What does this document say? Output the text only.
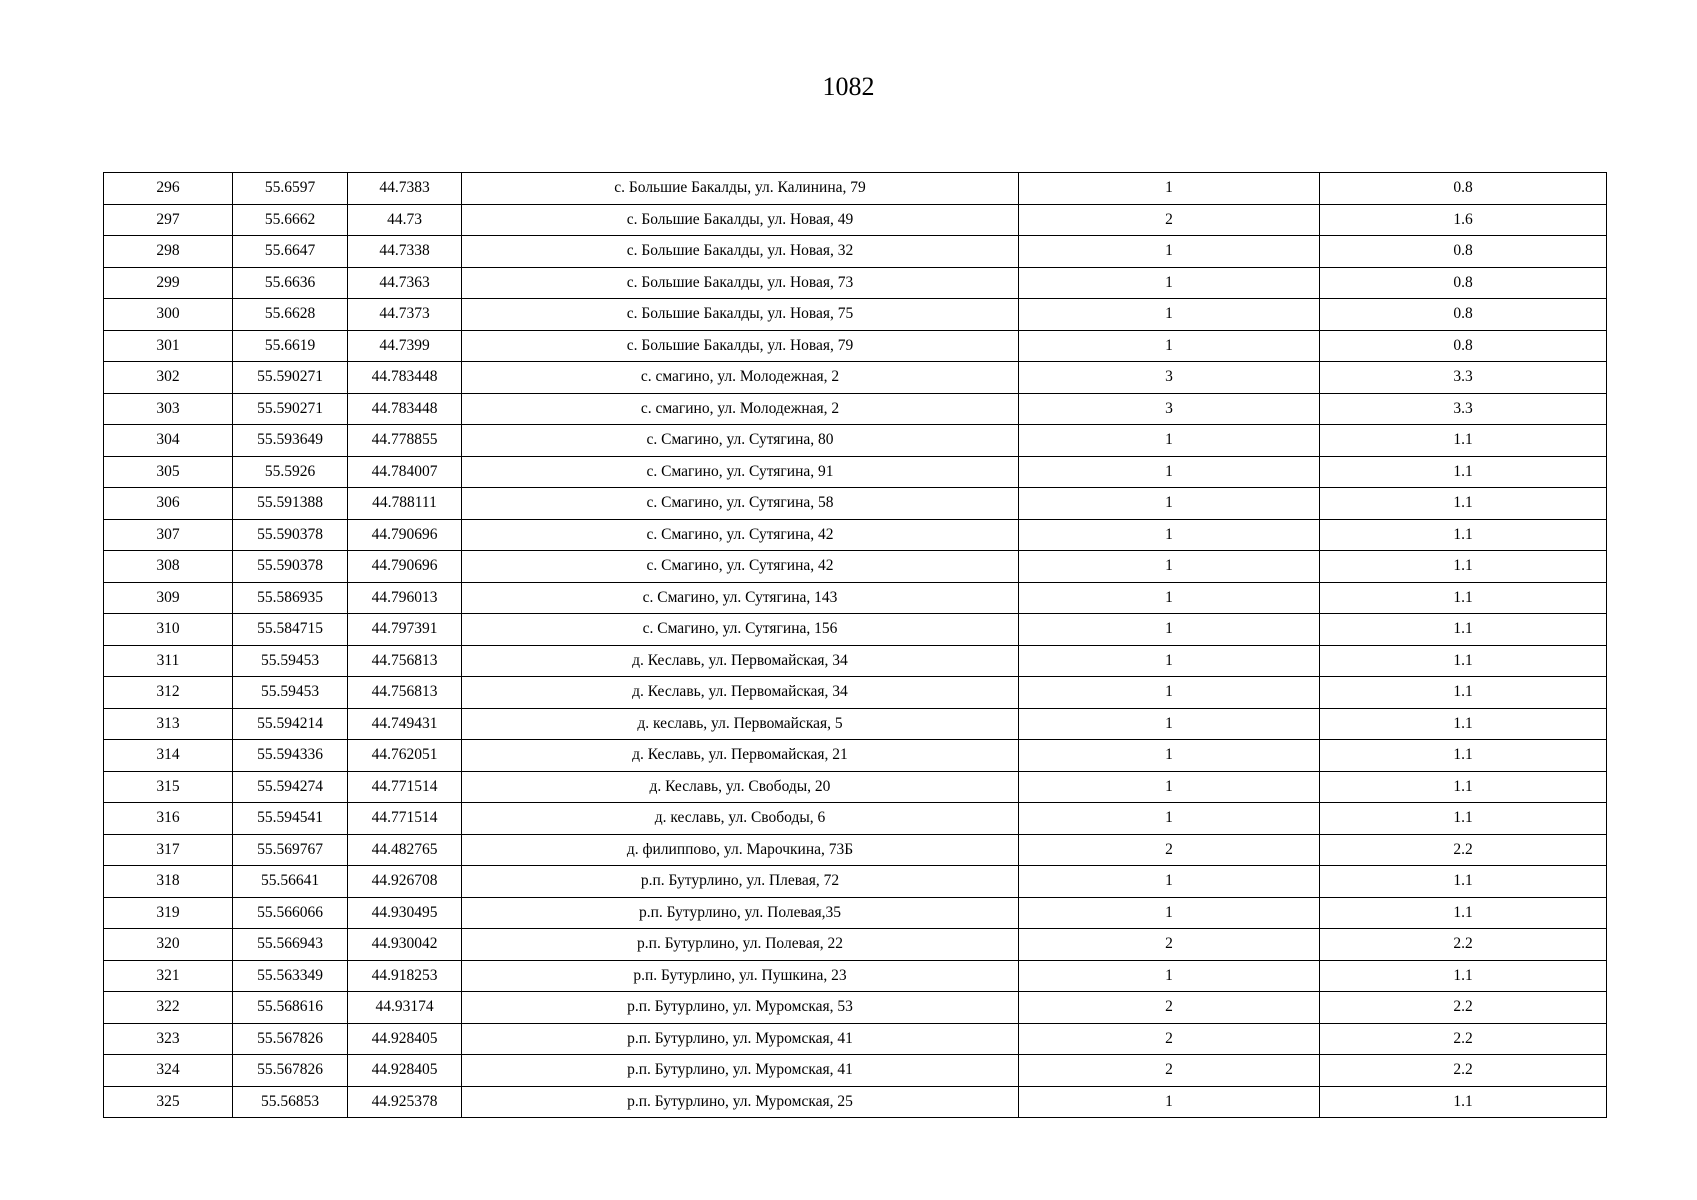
1082
296	55.6597	44.7383	с. Большие Бакалды, ул. Калинина, 79	1	0.8
297	55.6662	44.73	с. Большие Бакалды, ул. Новая, 49	2	1.6
298	55.6647	44.7338	с. Большие Бакалды, ул. Новая, 32	1	0.8
299	55.6636	44.7363	с. Большие Бакалды, ул. Новая, 73	1	0.8
300	55.6628	44.7373	с. Большие Бакалды, ул. Новая, 75	1	0.8
301	55.6619	44.7399	с. Большие Бакалды, ул. Новая, 79	1	0.8
302	55.590271	44.783448	с. смагино, ул. Молодежная, 2	3	3.3
303	55.590271	44.783448	с. смагино, ул. Молодежная, 2	3	3.3
304	55.593649	44.778855	с. Смагино, ул. Сутягина, 80	1	1.1
305	55.5926	44.784007	с. Смагино, ул. Сутягина, 91	1	1.1
306	55.591388	44.788111	с. Смагино, ул. Сутягина, 58	1	1.1
307	55.590378	44.790696	с. Смагино, ул. Сутягина, 42	1	1.1
308	55.590378	44.790696	с. Смагино, ул. Сутягина, 42	1	1.1
309	55.586935	44.796013	с. Смагино, ул. Сутягина, 143	1	1.1
310	55.584715	44.797391	с. Смагино, ул. Сутягина, 156	1	1.1
311	55.59453	44.756813	д. Кеславь, ул. Первомайская, 34	1	1.1
312	55.59453	44.756813	д. Кеславь, ул. Первомайская, 34	1	1.1
313	55.594214	44.749431	д. кеславь, ул. Первомайская, 5	1	1.1
314	55.594336	44.762051	д. Кеславь, ул. Первомайская, 21	1	1.1
315	55.594274	44.771514	д. Кеславь, ул. Свободы, 20	1	1.1
316	55.594541	44.771514	д. кеславь, ул. Свободы, 6	1	1.1
317	55.569767	44.482765	д. филиппово, ул. Марочкина, 73Б	2	2.2
318	55.56641	44.926708	р.п. Бутурлино, ул. Плевая, 72	1	1.1
319	55.566066	44.930495	р.п. Бутурлино, ул. Полевая,35	1	1.1
320	55.566943	44.930042	р.п. Бутурлино, ул. Полевая, 22	2	2.2
321	55.563349	44.918253	р.п. Бутурлино, ул. Пушкина, 23	1	1.1
322	55.568616	44.93174	р.п. Бутурлино, ул. Муромская, 53	2	2.2
323	55.567826	44.928405	р.п. Бутурлино, ул. Муромская, 41	2	2.2
324	55.567826	44.928405	р.п. Бутурлино, ул. Муромская, 41	2	2.2
325	55.56853	44.925378	р.п. Бутурлино, ул. Муромская, 25	1	1.1
